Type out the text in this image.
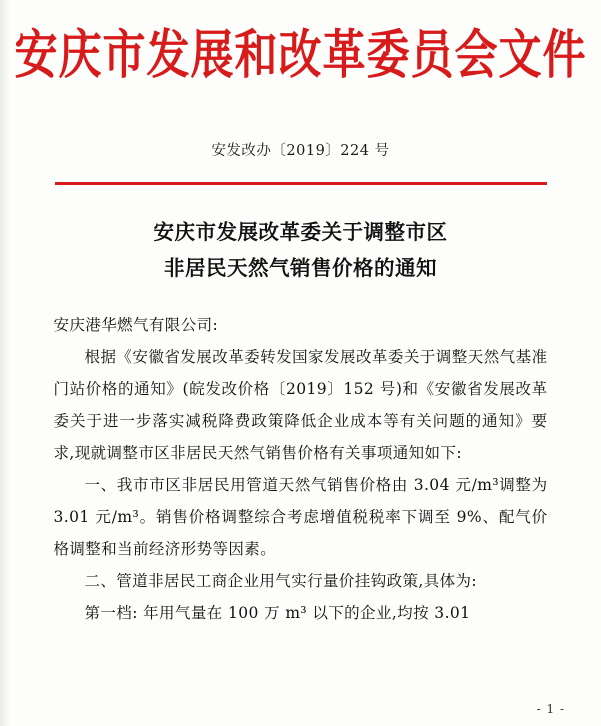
安庆市发展和改革委员会文件
安发改办〔2019〕224 号
安庆市发展改革委关于调整市区
非居民天然气销售价格的通知

安庆港华燃气有限公司:

根据《安徽省发展改革委转发国家发展改革委关于调整天然气基准门站价格的通知》(皖发改价格〔2019〕152 号)和《安徽省发展改革委关于进一步落实减税降费政策降低企业成本等有关问题的通知》要求,现就调整市区非居民天然气销售价格有关事项通知如下:

一、我市市区非居民用管道天然气销售价格由 3.04 元/m³调整为 3.01 元/m³。销售价格调整综合考虑增值税税率下调至 9%、配气价格调整和当前经济形势等因素。

二、管道非居民工商企业用气实行量价挂钩政策,具体为:

第一档: 年用气量在 100 万 m³ 以下的企业,均按 3.01

- 1 -
